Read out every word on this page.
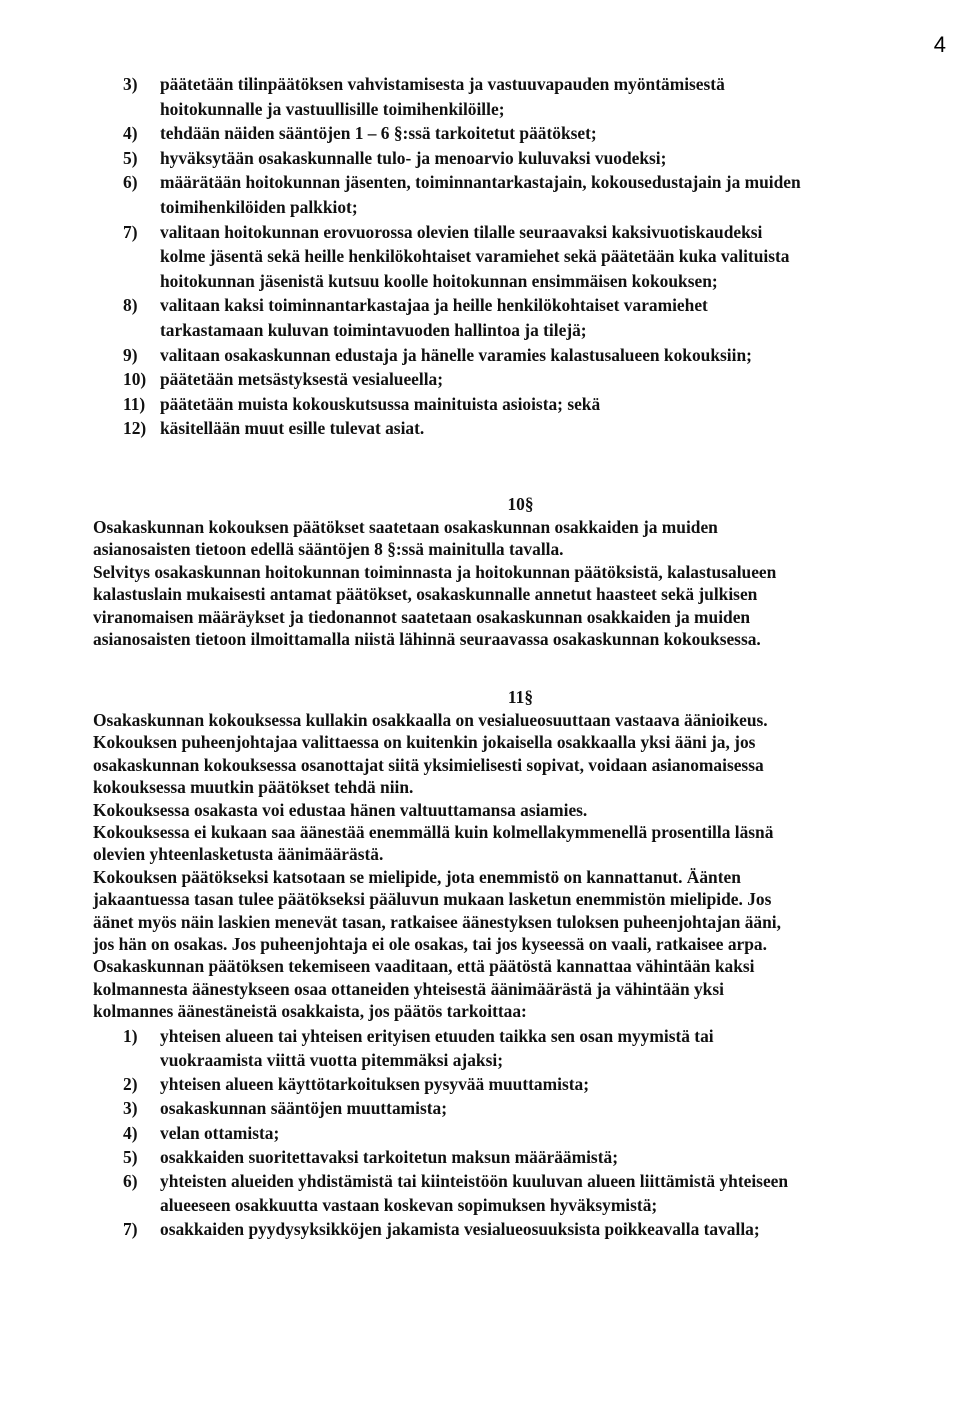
4
3) päätetään tilinpäätöksen vahvistamisesta ja vastuuvapauden myöntämisestä
hoitokunnalle ja vastuullisille toimihenkilöille;
4) tehdään näiden sääntöjen 1 – 6 §:ssä tarkoitetut päätökset;
5) hyväksytään osakaskunnalle tulo- ja menoarvio kuluvaksi vuodeksi;
6) määrätään hoitokunnan jäsenten, toiminnantarkastajain, kokousedustajain ja muiden
toimihenkilöiden palkkiot;
7) valitaan hoitokunnan erovuorossa olevien tilalle seuraavaksi kaksivuotiskaudeksi
kolme jäsentä sekä heille henkilökohtaiset varamiehet sekä päätetään kuka valituista
hoitokunnan jäsenistä kutsuu koolle hoitokunnan ensimmäisen kokouksen;
8) valitaan kaksi toiminnantarkastajaa ja heille henkilökohtaiset varamiehet
tarkastamaan kuluvan toimintavuoden hallintoa ja tilejä;
9) valitaan osakaskunnan edustaja ja hänelle varamies kalastusalueen kokouksiin;
10) päätetään metsästyksestä vesialueella;
11) päätetään muista kokouskutsussa mainituista asioista; sekä
12) käsitellään muut esille tulevat asiat.
10§
Osakaskunnan kokouksen päätökset saatetaan osakaskunnan osakkaiden ja muiden
asianosaisten tietoon edellä sääntöjen 8 §:ssä mainitulla tavalla.
Selvitys osakaskunnan hoitokunnan toiminnasta ja hoitokunnan päätöksistä, kalastusalueen
kalastuslain mukaisesti antamat päätökset, osakaskunnalle annetut haasteet sekä julkisen
viranomaisen määräykset ja tiedonannot saatetaan osakaskunnan osakkaiden ja muiden
asianosaisten tietoon ilmoittamalla niistä lähinnä seuraavassa osakaskunnan kokouksessa.
11§
Osakaskunnan kokouksessa kullakin osakkaalla on vesialueosuuttaan vastaava äänioikeus.
Kokouksen puheenjohtajaa valittaessa on kuitenkin jokaisella osakkaalla yksi ääni ja, jos
osakaskunnan kokouksessa osanottajat siitä yksimielisesti sopivat, voidaan asianomaisessa
kokouksessa muutkin päätökset tehdä niin.
Kokouksessa osakasta voi edustaa hänen valtuuttamansa asiamies.
Kokouksessa ei kukaan saa äänestää enemmällä kuin kolmellakymmenellä prosentilla läsnä
olevien yhteenlasketusta äänimäärästä.
Kokouksen päätökseksi katsotaan se mielipide, jota enemmistö on kannattanut. Äänten
jakaantuessa tasan tulee päätökseksi pääluvun mukaan lasketun enemmistön mielipide. Jos
äänet myös näin laskien menevät tasan, ratkaisee äänestyksen tuloksen puheenjohtajan ääni,
jos hän on osakas. Jos puheenjohtaja ei ole osakas, tai jos kyseessä on vaali, ratkaisee arpa.
Osakaskunnan päätöksen tekemiseen vaaditaan, että päätöstä kannattaa vähintään kaksi
kolmannesta äänestykseen osaa ottaneiden yhteisestä äänimäärästä ja vähintään yksi
kolmannes äänestäneistä osakkaista, jos päätös tarkoittaa:
1) yhteisen alueen tai yhteisen erityisen etuuden taikka sen osan myymistä tai
vuokraamista viittä vuotta pitemmäksi ajaksi;
2) yhteisen alueen käyttötarkoituksen pysyvää muuttamista;
3) osakaskunnan sääntöjen muuttamista;
4) velan ottamista;
5) osakkaiden suoritettavaksi tarkoitetun maksun määräämistä;
6) yhteisten alueiden yhdistämistä tai kiinteistöön kuuluvan alueen liittämistä yhteiseen
alueeseen osakkuutta vastaan koskevan sopimuksen hyväksymistä;
7) osakkaiden pyydysyksikköjen jakamista vesialueosuuksista poikkeavalla tavalla;
